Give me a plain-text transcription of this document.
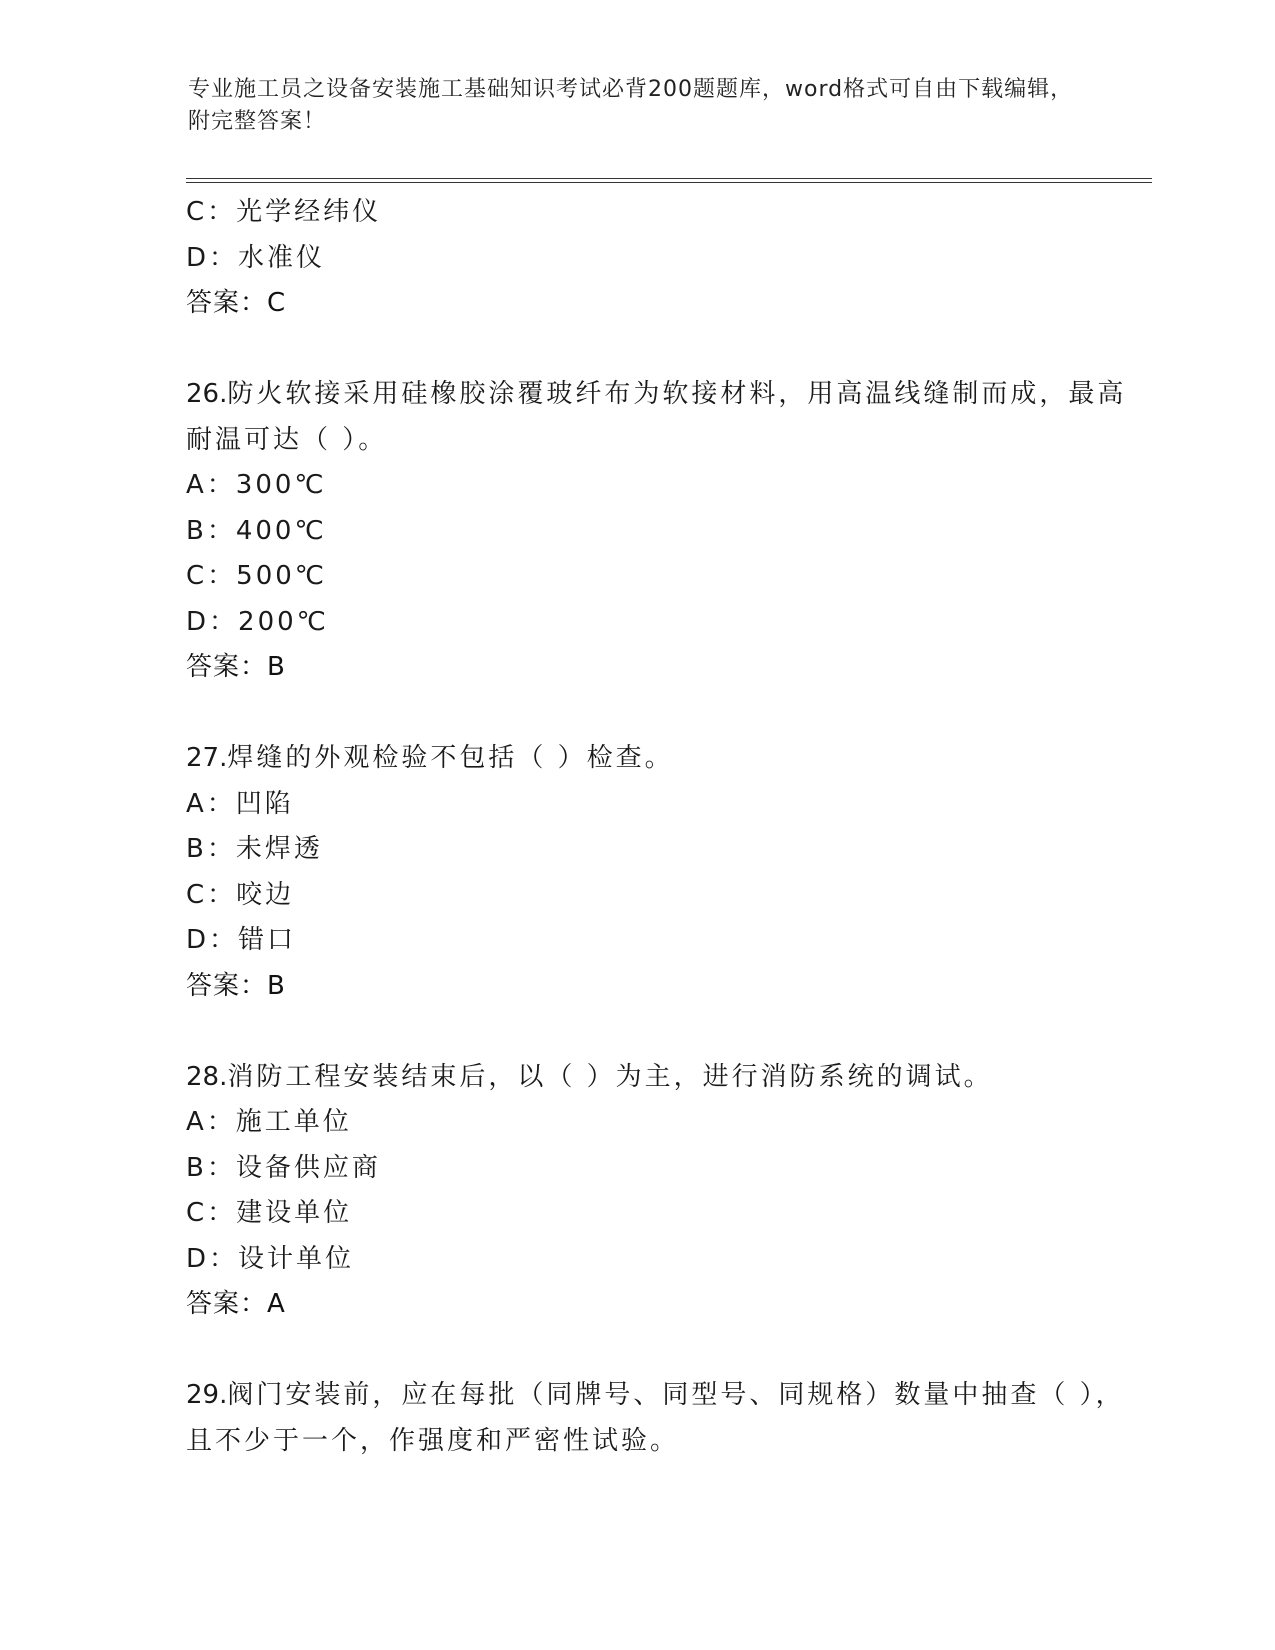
专业施工员之设备安装施工基础知识考试必背200题题库，word格式可自由下载编辑，附完整答案！
C：光学经纬仪
D：水准仪
答案：C
26.防火软接采用硅橡胶涂覆玻纤布为软接材料，用高温线缝制而成，最高耐温可达（ ）。
A：300℃
B：400℃
C：500℃
D：200℃
答案：B
27.焊缝的外观检验不包括（ ）检查。
A：凹陷
B：未焊透
C：咬边
D：错口
答案：B
28.消防工程安装结束后，以（ ）为主，进行消防系统的调试。
A：施工单位
B：设备供应商
C：建设单位
D：设计单位
答案：A
29.阀门安装前，应在每批（同牌号、同型号、同规格）数量中抽查（ ），且不少于一个，作强度和严密性试验。
